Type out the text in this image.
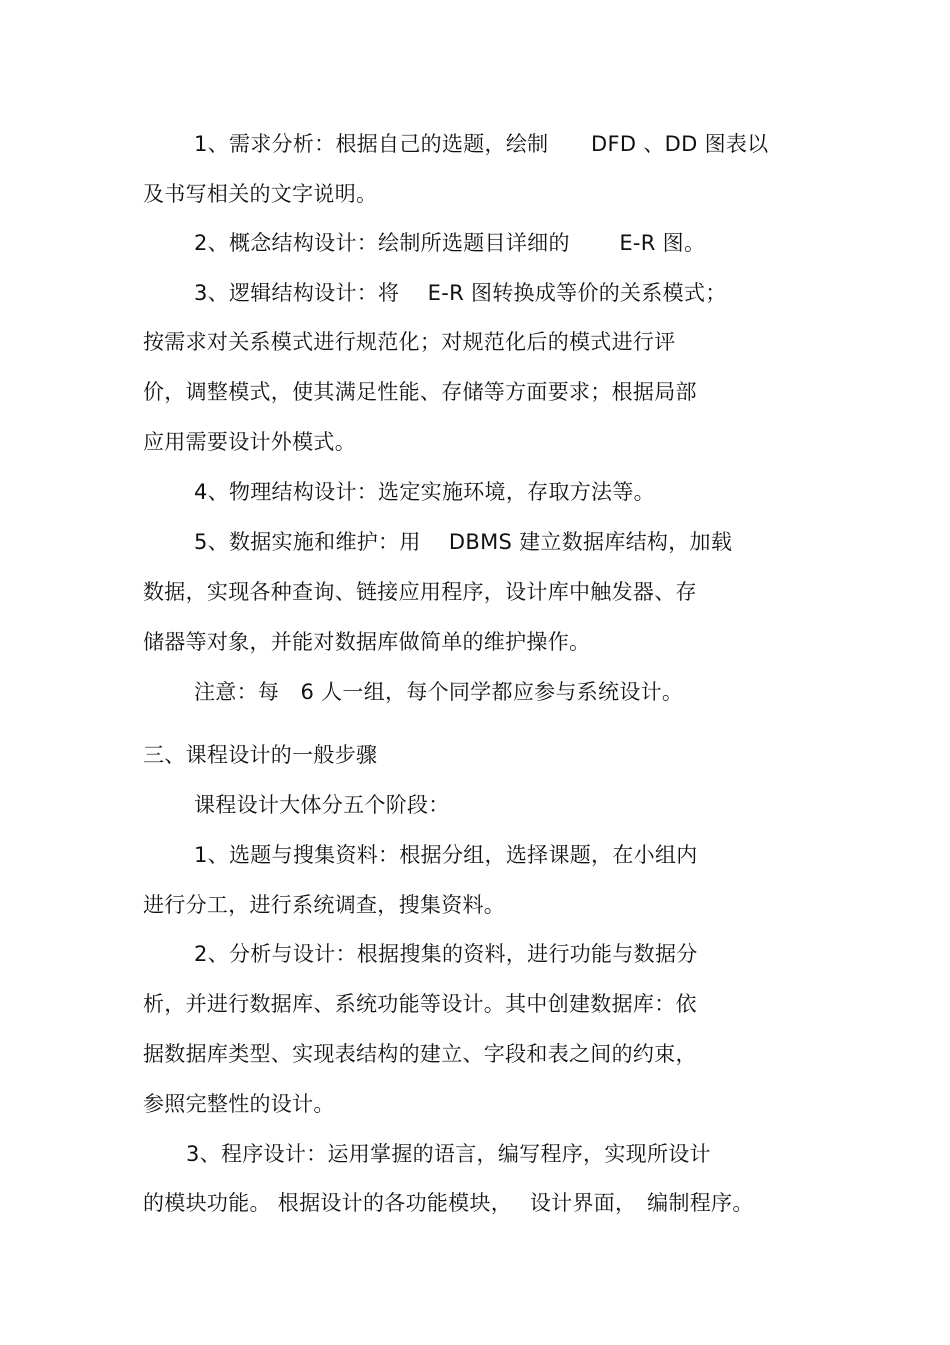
1、需求分析：根据自己的选题，绘制　　DFD 、DD 图表以
及书写相关的文字说明。
2、概念结构设计：绘制所选题目详细的　　 E-R 图。
3、逻辑结构设计：将　 E-R 图转换成等价的关系模式；
按需求对关系模式进行规范化；对规范化后的模式进行评
价，调整模式，使其满足性能、存储等方面要求；根据局部
应用需要设计外模式。
4、物理结构设计：选定实施环境，存取方法等。
5、数据实施和维护：用　 DBMS 建立数据库结构，加载
数据，实现各种查询、链接应用程序，设计库中触发器、存
储器等对象，并能对数据库做简单的维护操作。
注意：每　6 人一组，每个同学都应参与系统设计。
三、课程设计的一般步骤
课程设计大体分五个阶段：
1、选题与搜集资料：根据分组，选择课题，在小组内
进行分工，进行系统调查，搜集资料。
2、分析与设计：根据搜集的资料，进行功能与数据分
析，并进行数据库、系统功能等设计。其中创建数据库：依
据数据库类型、实现表结构的建立、字段和表之间的约束，
参照完整性的设计。
3、程序设计：运用掌握的语言，编写程序，实现所设计
的模块功能。 根据设计的各功能模块，　 设计界面，　编制程序。
